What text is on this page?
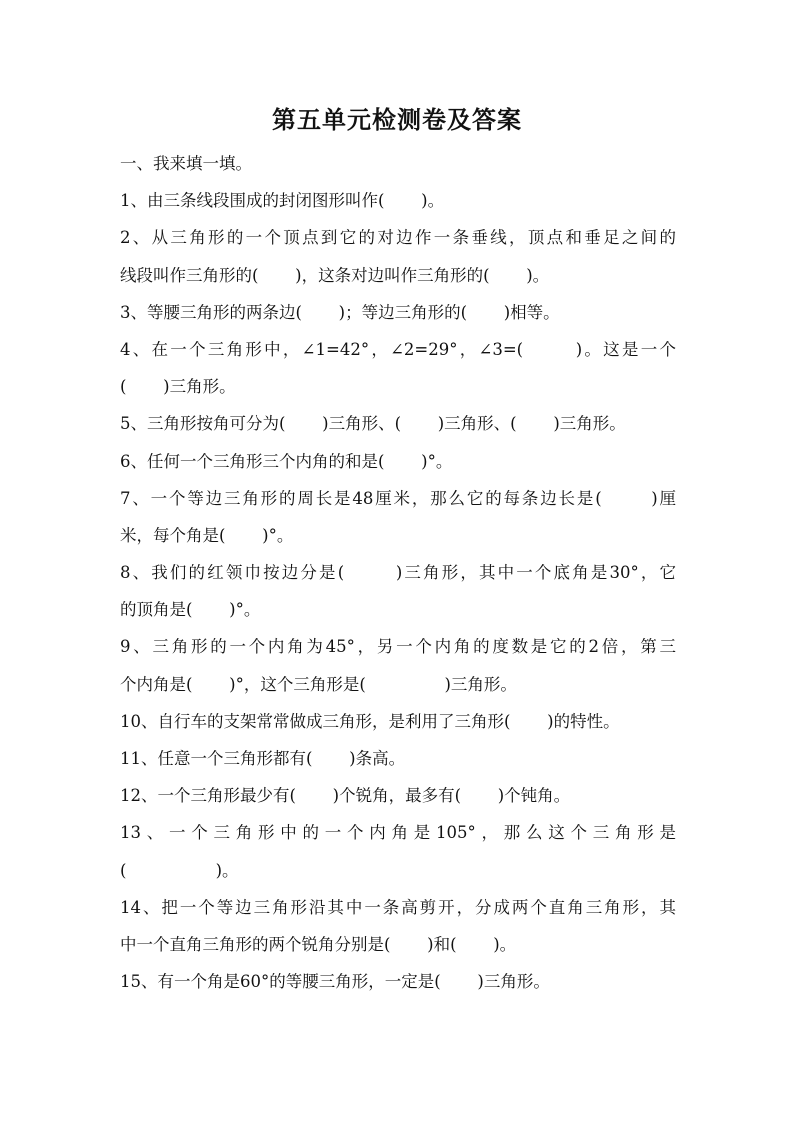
第五单元检测卷及答案
一、我来填一填。
1、由三条线段围成的封闭图形叫作(       )。
2、从三角形的一个顶点到它的对边作一条垂线，顶点和垂足之间的
线段叫作三角形的(       )，这条对边叫作三角形的(       )。
3、等腰三角形的两条边(       )；等边三角形的(       )相等。
4、在一个三角形中，∠1=42°，∠2=29°，∠3=(       )。这是一个
(       )三角形。
5、三角形按角可分为(       )三角形、(       )三角形、(       )三角形。
6、任何一个三角形三个内角的和是(       )°。
7、一个等边三角形的周长是48厘米，那么它的每条边长是(       )厘
米，每个角是(       )°。
8、我们的红领巾按边分是(       )三角形，其中一个底角是30°，它
的顶角是(       )°。
9、三角形的一个内角为45°，另一个内角的度数是它的2倍，第三
个内角是(       )°，这个三角形是(               )三角形。
10、自行车的支架常常做成三角形，是利用了三角形(       )的特性。
11、任意一个三角形都有(       )条高。
12、一个三角形最少有(       )个锐角，最多有(       )个钝角。
13、一个三角形中的一个内角是105°，那么这个三角形是
(                 )。
14、把一个等边三角形沿其中一条高剪开，分成两个直角三角形，其
中一个直角三角形的两个锐角分别是(       )和(       )。
15、有一个角是60°的等腰三角形，一定是(       )三角形。
